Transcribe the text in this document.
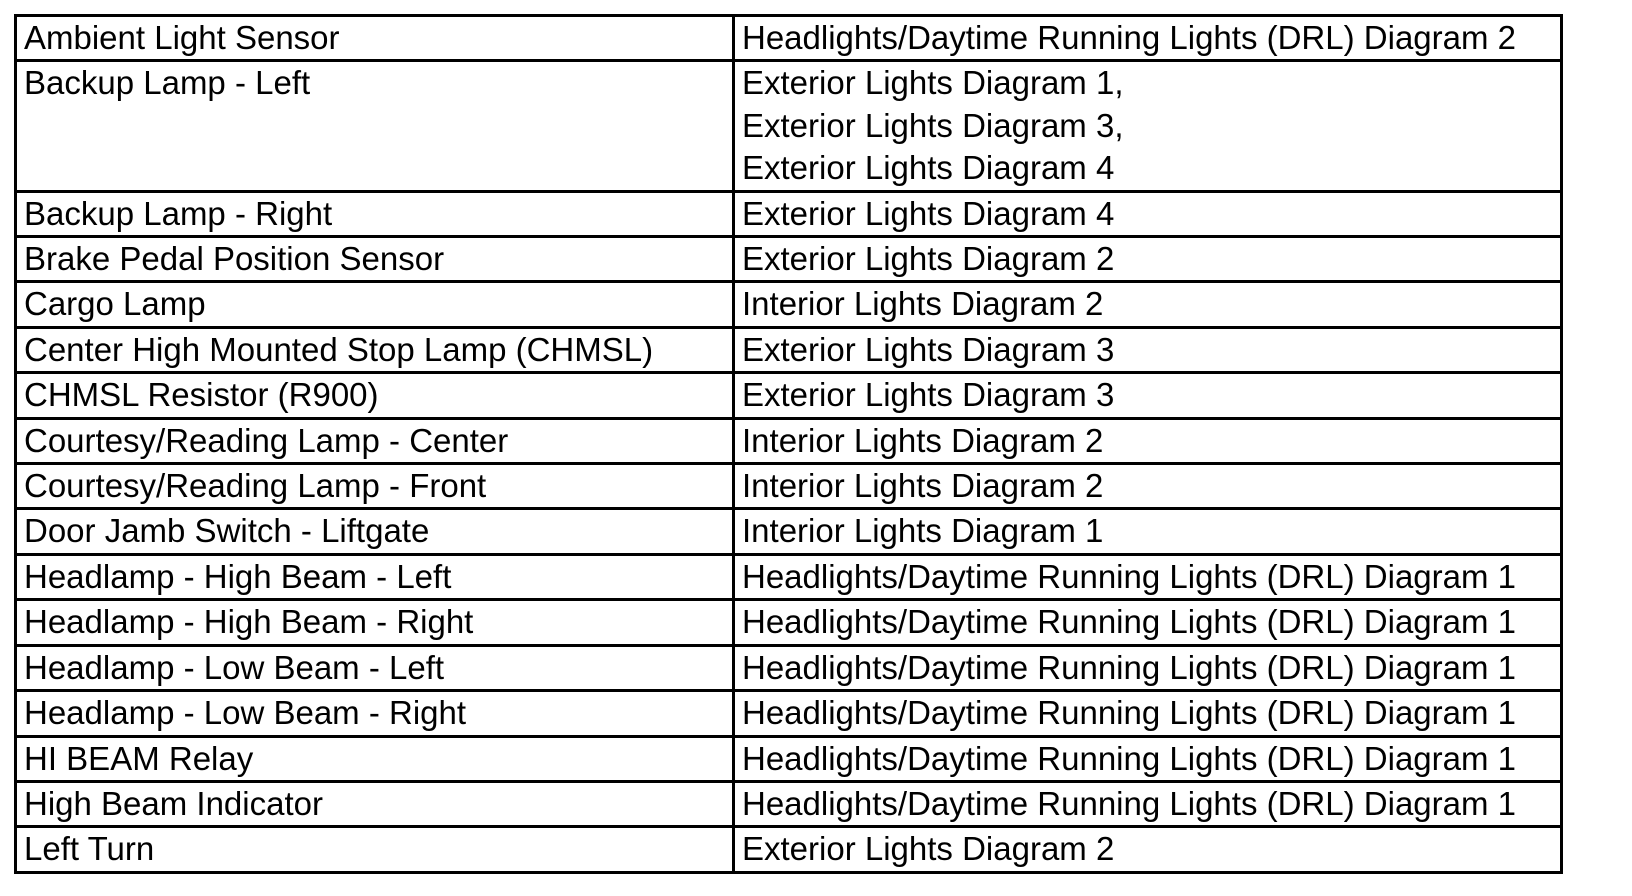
Ambient Light Sensor	Headlights/Daytime Running Lights (DRL) Diagram 2

Backup Lamp - Left	Exterior Lights Diagram 1,
Exterior Lights Diagram 3,
Exterior Lights Diagram 4

Backup Lamp - Right	Exterior Lights Diagram 4

Brake Pedal Position Sensor	Exterior Lights Diagram 2

Cargo Lamp	Interior Lights Diagram 2

Center High Mounted Stop Lamp (CHMSL)	Exterior Lights Diagram 3

CHMSL Resistor (R900)	Exterior Lights Diagram 3

Courtesy/Reading Lamp - Center	Interior Lights Diagram 2

Courtesy/Reading Lamp - Front	Interior Lights Diagram 2

Door Jamb Switch - Liftgate	Interior Lights Diagram 1

Headlamp - High Beam - Left	Headlights/Daytime Running Lights (DRL) Diagram 1

Headlamp - High Beam - Right	Headlights/Daytime Running Lights (DRL) Diagram 1

Headlamp - Low Beam - Left	Headlights/Daytime Running Lights (DRL) Diagram 1

Headlamp - Low Beam - Right	Headlights/Daytime Running Lights (DRL) Diagram 1

HI BEAM Relay	Headlights/Daytime Running Lights (DRL) Diagram 1

High Beam Indicator	Headlights/Daytime Running Lights (DRL) Diagram 1

Left Turn	Exterior Lights Diagram 2
